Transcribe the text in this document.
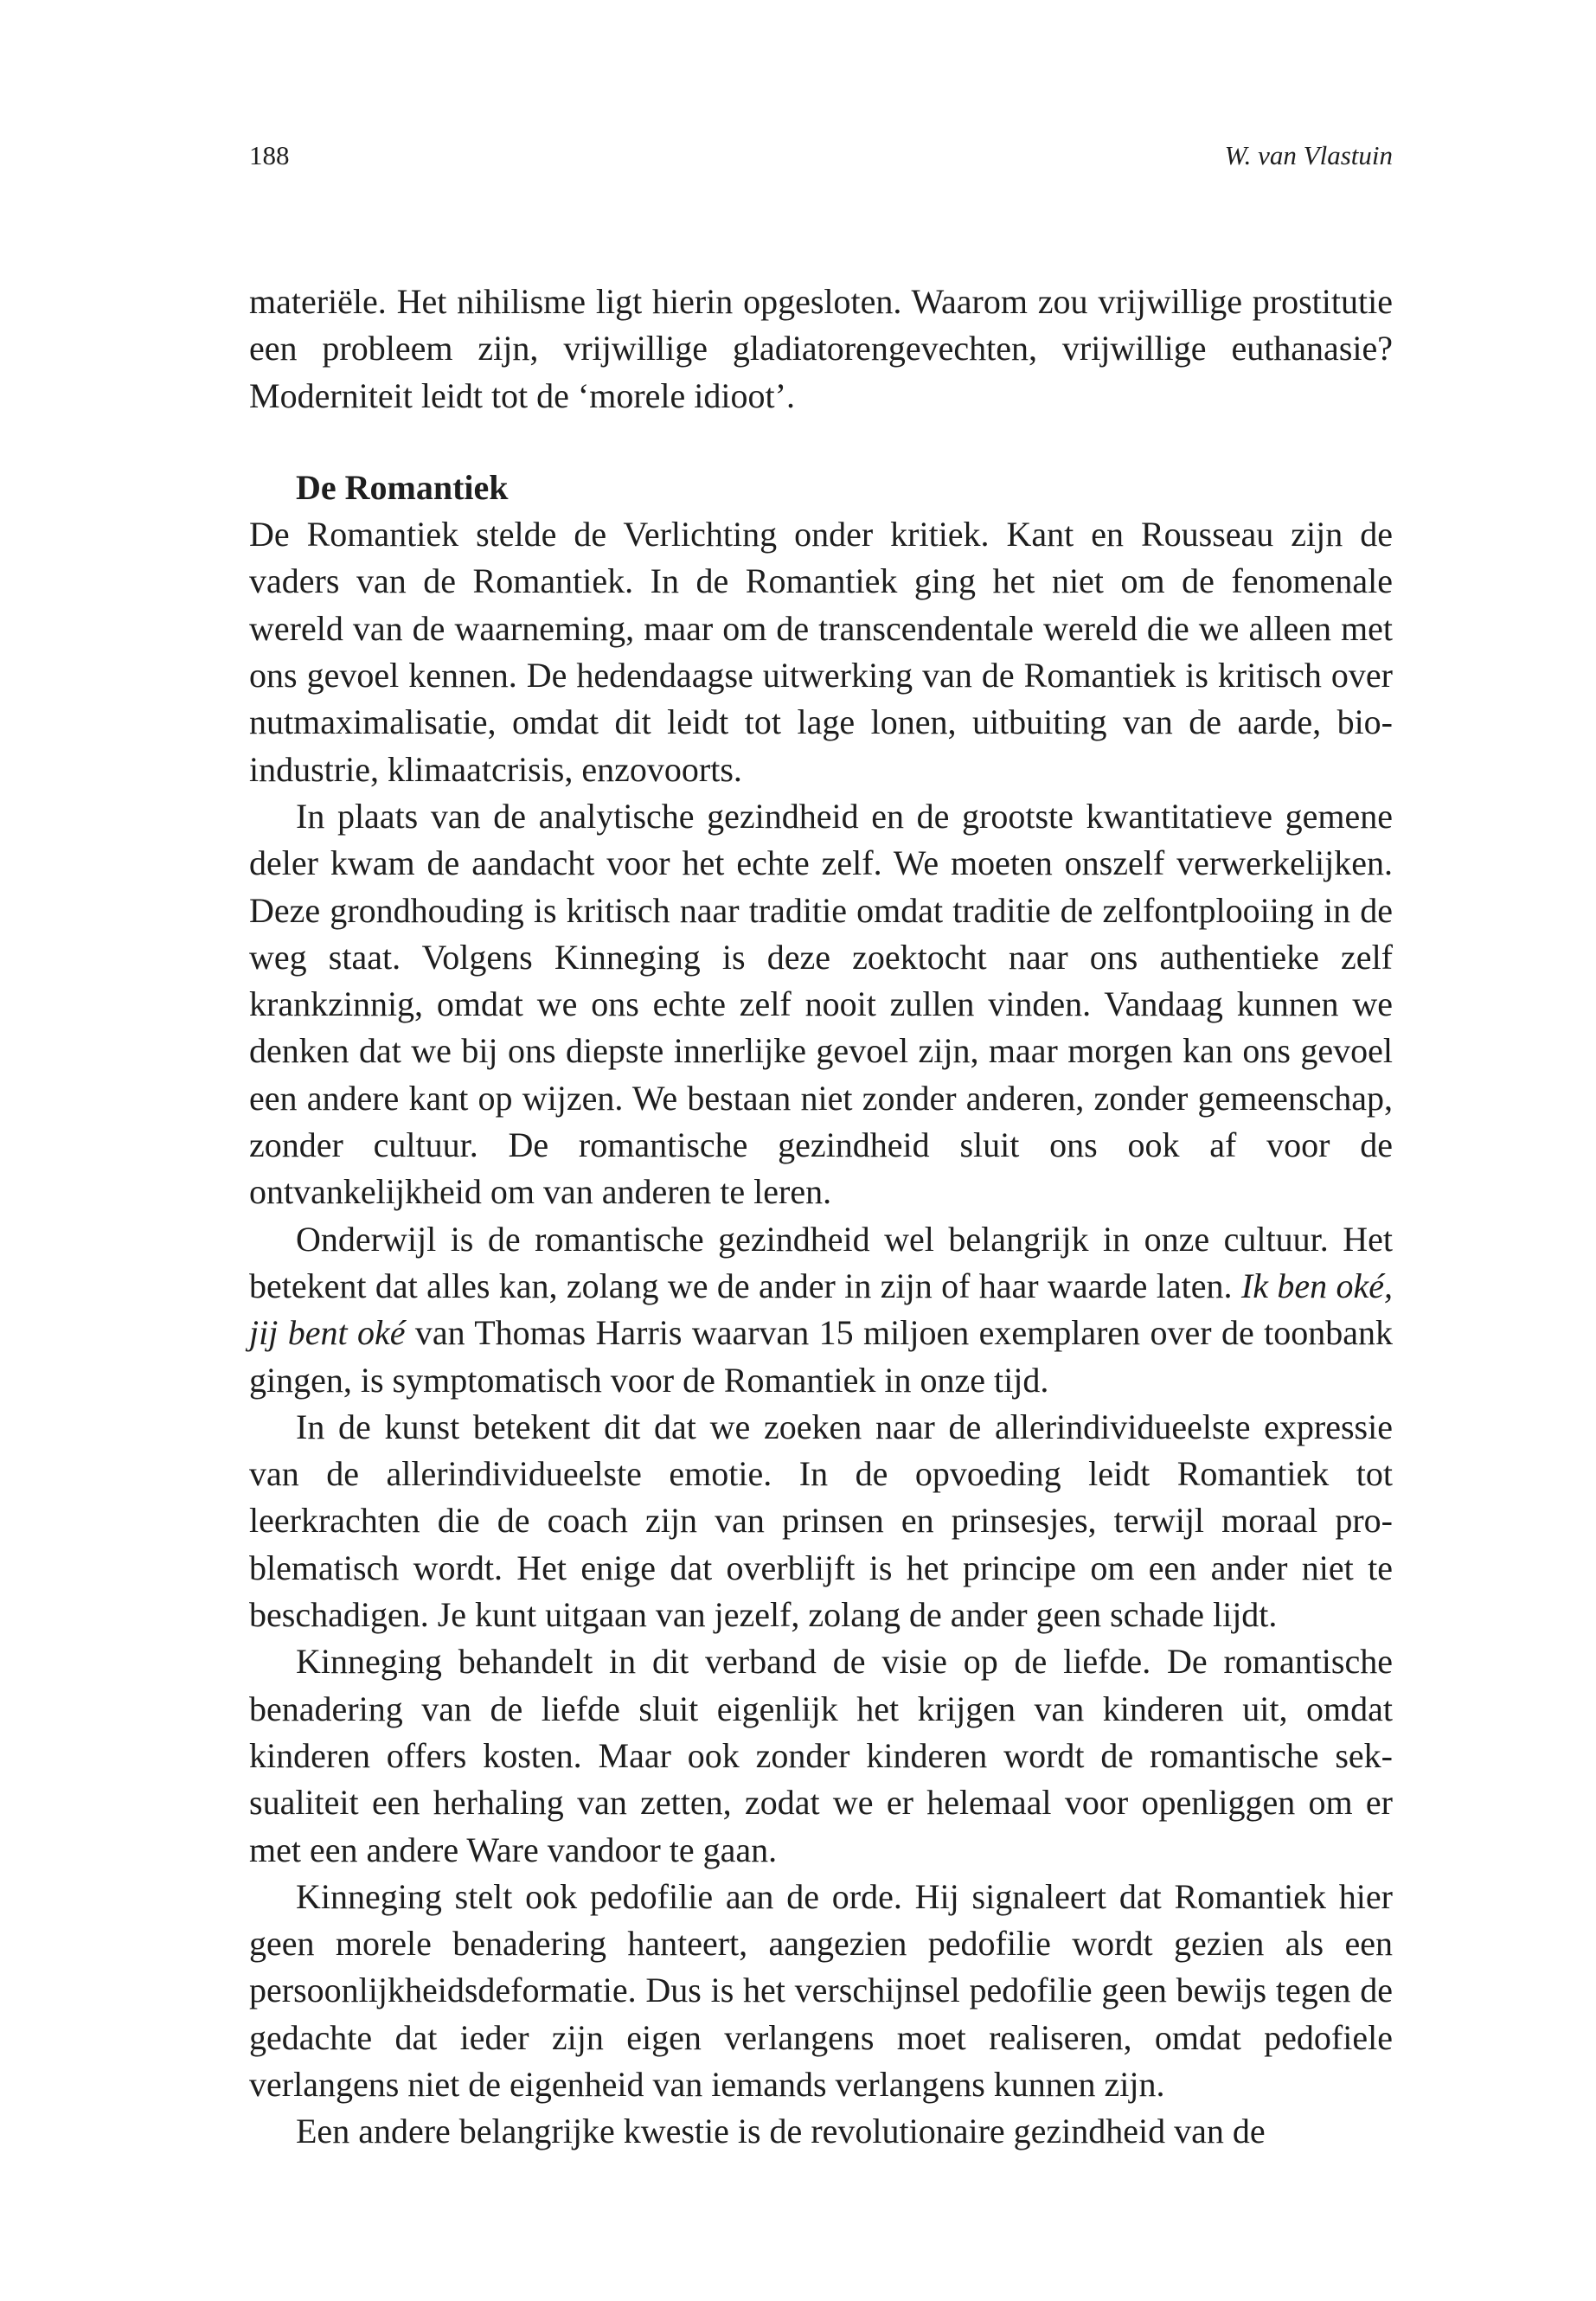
188	W. van Vlastuin

materiële. Het nihilisme ligt hierin opgesloten. Waarom zou vrijwillige prostitutie een probleem zijn, vrijwillige gladiatorengevechten, vrijwillige euthanasie? Moderniteit leidt tot de ‘morele idioot’.

De Romantiek

De Romantiek stelde de Verlichting onder kritiek. Kant en Rousseau zijn de vaders van de Romantiek. In de Romantiek ging het niet om de fenomenale wereld van de waarneming, maar om de transcendentale wereld die we alleen met ons gevoel kennen. De hedendaagse uitwerking van de Romantiek is kritisch over nutmaximalisatie, omdat dit leidt tot lage lonen, uitbuiting van de aarde, bio-industrie, klimaatcrisis, enzovoorts.

In plaats van de analytische gezindheid en de grootste kwantitatieve gemene deler kwam de aandacht voor het echte zelf. We moeten onszelf verwerkelijken. Deze grondhouding is kritisch naar traditie omdat traditie de zelfontplooiing in de weg staat. Volgens Kinneging is deze zoektocht naar ons authentieke zelf krankzinnig, omdat we ons echte zelf nooit zullen vinden. Vandaag kunnen we denken dat we bij ons diepste innerlijke gevoel zijn, maar morgen kan ons gevoel een andere kant op wijzen. We bestaan niet zonder anderen, zonder gemeenschap, zonder cultuur. De romantische gezindheid sluit ons ook af voor de ontvankelijkheid om van anderen te leren.

Onderwijl is de romantische gezindheid wel belangrijk in onze cultuur. Het betekent dat alles kan, zolang we de ander in zijn of haar waarde laten. Ik ben oké, jij bent oké van Thomas Harris waarvan 15 miljoen exemplaren over de toonbank gingen, is symptomatisch voor de Romantiek in onze tijd.

In de kunst betekent dit dat we zoeken naar de allerindividueelste expressie van de allerindividueelste emotie. In de opvoeding leidt Romantiek tot leerkrachten die de coach zijn van prinsen en prinsesjes, terwijl moraal problematisch wordt. Het enige dat overblijft is het principe om een ander niet te beschadigen. Je kunt uitgaan van jezelf, zolang de ander geen schade lijdt.

Kinneging behandelt in dit verband de visie op de liefde. De romantische benadering van de liefde sluit eigenlijk het krijgen van kinderen uit, omdat kinderen offers kosten. Maar ook zonder kinderen wordt de romantische seksualiteit een herhaling van zetten, zodat we er helemaal voor openliggen om er met een andere Ware vandoor te gaan.

Kinneging stelt ook pedofilie aan de orde. Hij signaleert dat Romantiek hier geen morele benadering hanteert, aangezien pedofilie wordt gezien als een persoonlijkheidsdeformatie. Dus is het verschijnsel pedofilie geen bewijs tegen de gedachte dat ieder zijn eigen verlangens moet realiseren, omdat pedofiele verlangens niet de eigenheid van iemands verlangens kunnen zijn.

Een andere belangrijke kwestie is de revolutionaire gezindheid van de
